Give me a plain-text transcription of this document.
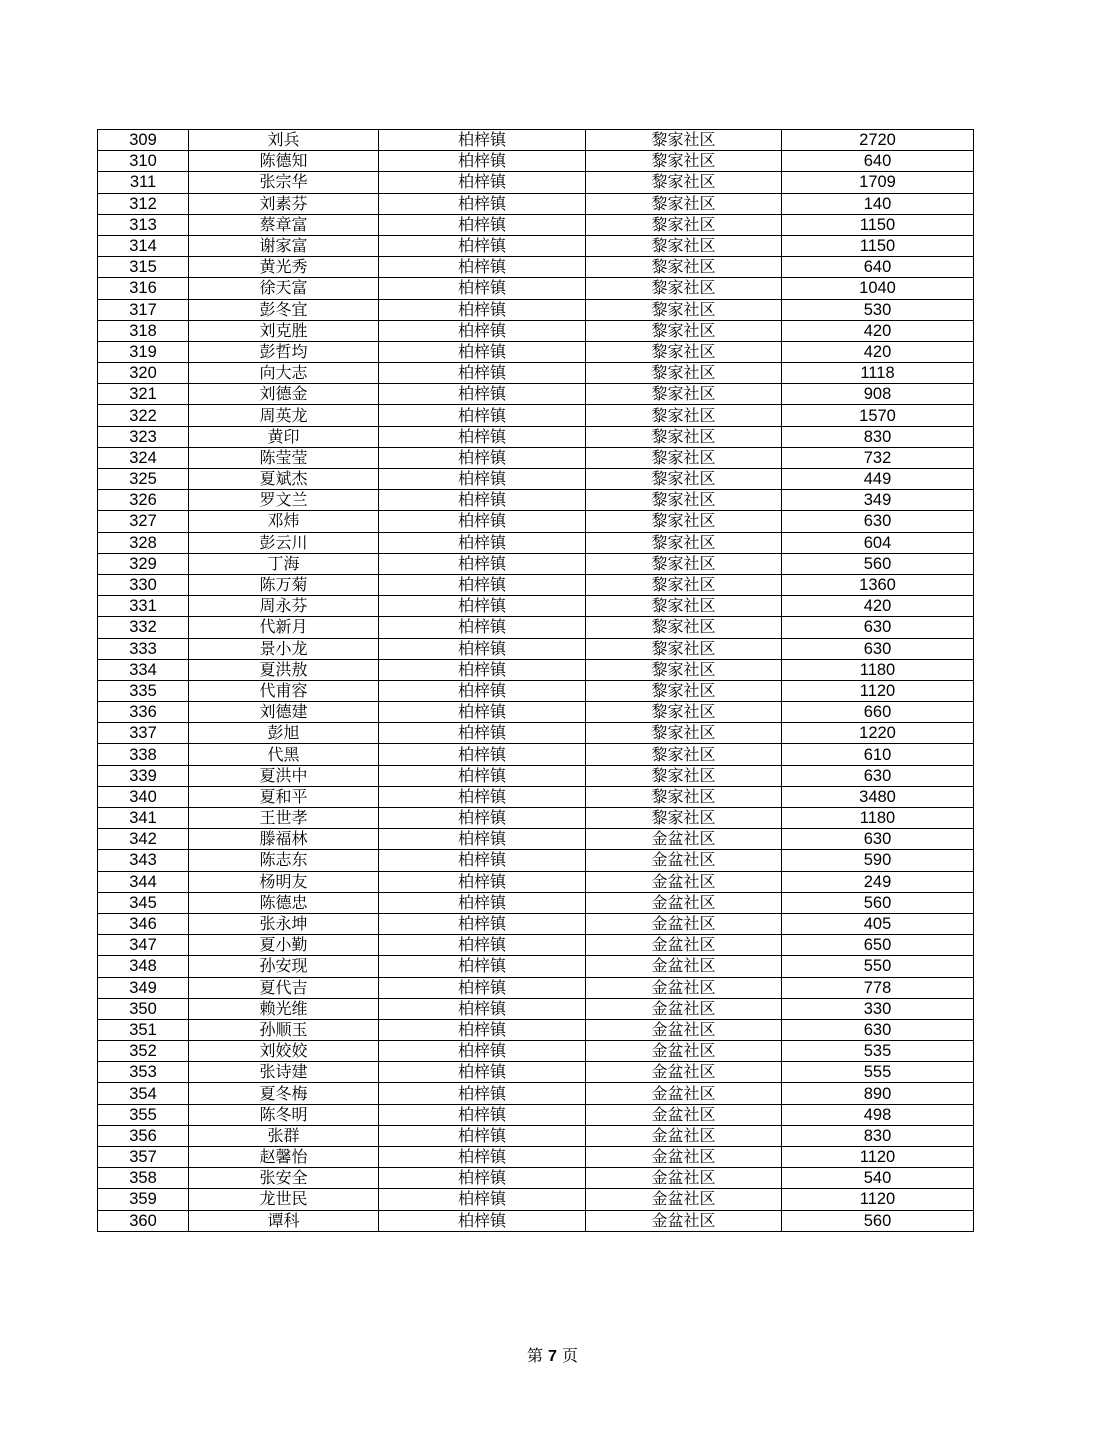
309	刘兵	柏梓镇	黎家社区	2720
310	陈德知	柏梓镇	黎家社区	640
311	张宗华	柏梓镇	黎家社区	1709
312	刘素芬	柏梓镇	黎家社区	140
313	蔡章富	柏梓镇	黎家社区	1150
314	谢家富	柏梓镇	黎家社区	1150
315	黄光秀	柏梓镇	黎家社区	640
316	徐天富	柏梓镇	黎家社区	1040
317	彭冬宜	柏梓镇	黎家社区	530
318	刘克胜	柏梓镇	黎家社区	420
319	彭哲均	柏梓镇	黎家社区	420
320	向大志	柏梓镇	黎家社区	1118
321	刘德金	柏梓镇	黎家社区	908
322	周英龙	柏梓镇	黎家社区	1570
323	黄印	柏梓镇	黎家社区	830
324	陈莹莹	柏梓镇	黎家社区	732
325	夏斌杰	柏梓镇	黎家社区	449
326	罗文兰	柏梓镇	黎家社区	349
327	邓炜	柏梓镇	黎家社区	630
328	彭云川	柏梓镇	黎家社区	604
329	丁海	柏梓镇	黎家社区	560
330	陈万菊	柏梓镇	黎家社区	1360
331	周永芬	柏梓镇	黎家社区	420
332	代新月	柏梓镇	黎家社区	630
333	景小龙	柏梓镇	黎家社区	630
334	夏洪敖	柏梓镇	黎家社区	1180
335	代甫容	柏梓镇	黎家社区	1120
336	刘德建	柏梓镇	黎家社区	660
337	彭旭	柏梓镇	黎家社区	1220
338	代黑	柏梓镇	黎家社区	610
339	夏洪中	柏梓镇	黎家社区	630
340	夏和平	柏梓镇	黎家社区	3480
341	王世孝	柏梓镇	黎家社区	1180
342	滕福林	柏梓镇	金盆社区	630
343	陈志东	柏梓镇	金盆社区	590
344	杨明友	柏梓镇	金盆社区	249
345	陈德忠	柏梓镇	金盆社区	560
346	张永坤	柏梓镇	金盆社区	405
347	夏小勤	柏梓镇	金盆社区	650
348	孙安现	柏梓镇	金盆社区	550
349	夏代吉	柏梓镇	金盆社区	778
350	赖光维	柏梓镇	金盆社区	330
351	孙顺玉	柏梓镇	金盆社区	630
352	刘姣姣	柏梓镇	金盆社区	535
353	张诗建	柏梓镇	金盆社区	555
354	夏冬梅	柏梓镇	金盆社区	890
355	陈冬明	柏梓镇	金盆社区	498
356	张群	柏梓镇	金盆社区	830
357	赵馨怡	柏梓镇	金盆社区	1120
358	张安全	柏梓镇	金盆社区	540
359	龙世民	柏梓镇	金盆社区	1120
360	谭科	柏梓镇	金盆社区	560
第 7 页
